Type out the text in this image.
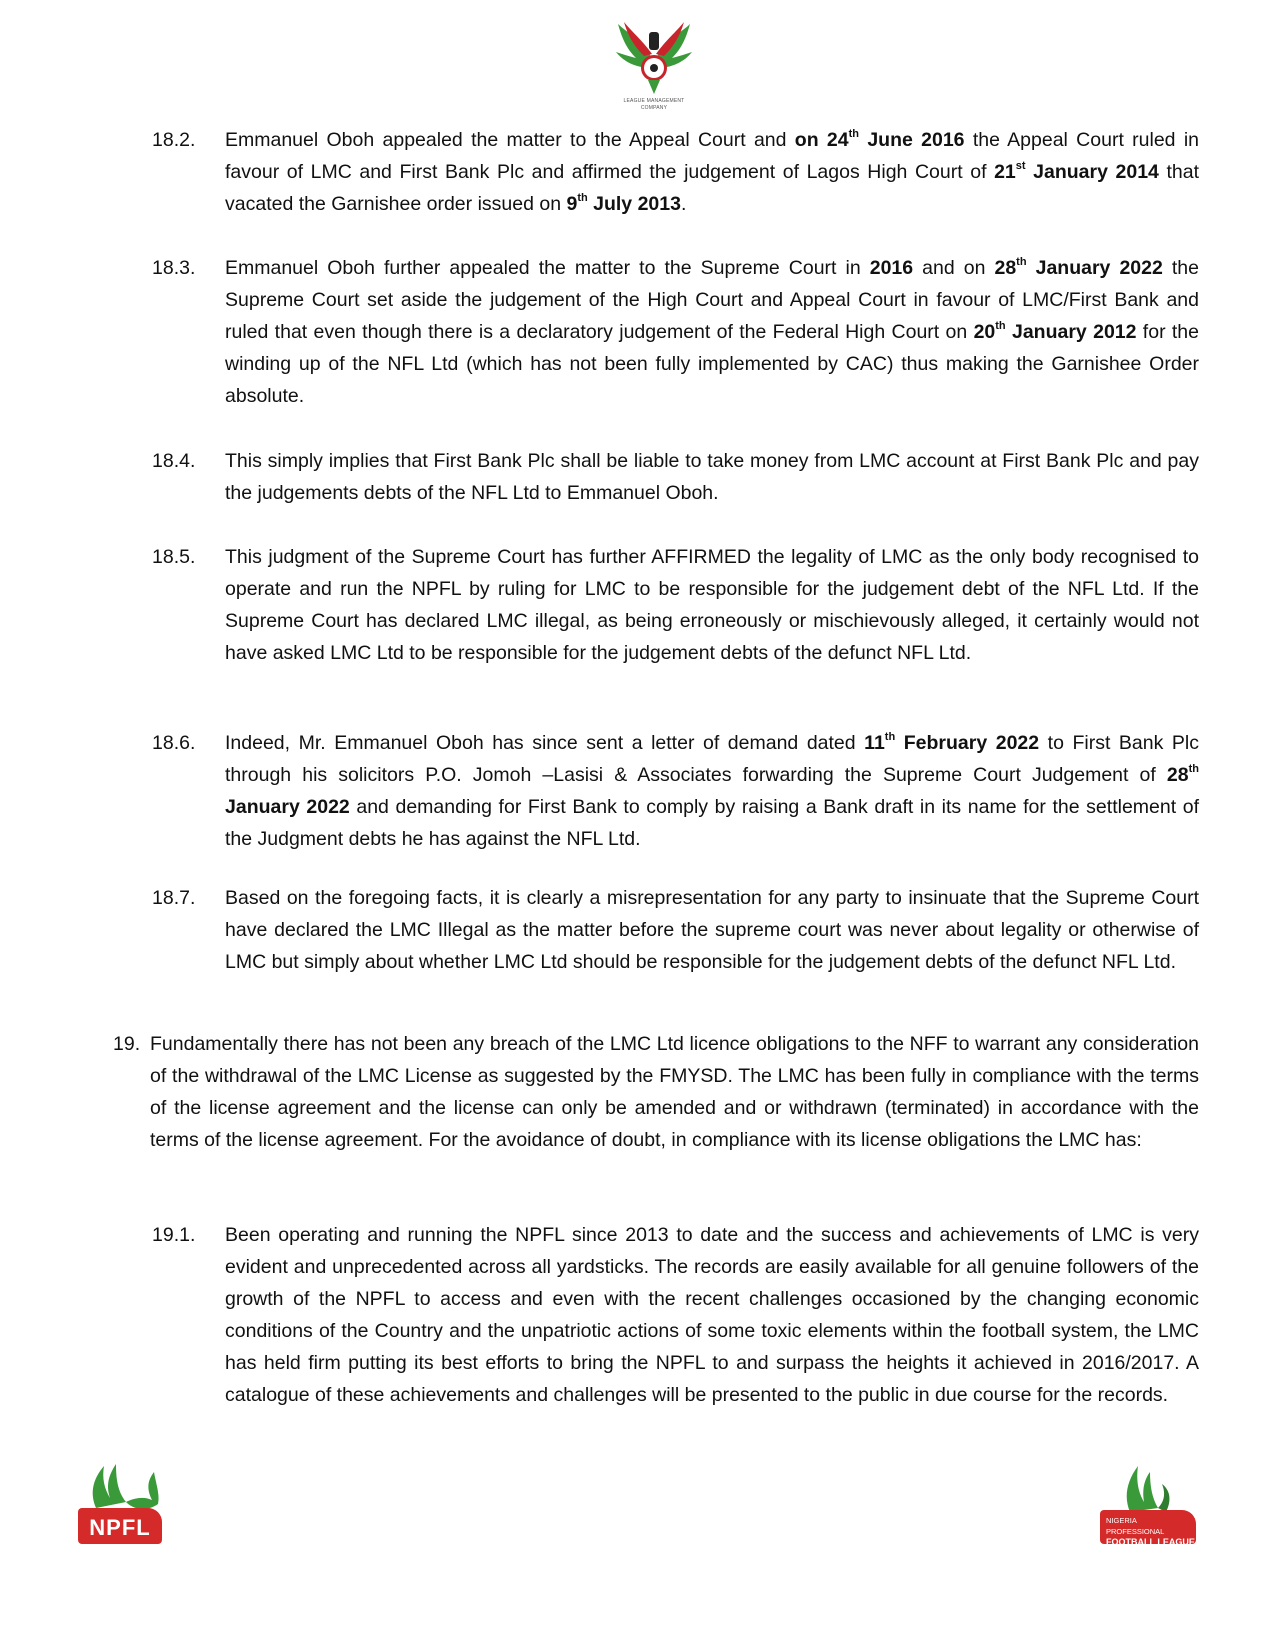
LEAGUE MANAGEMENT
COMPANY
18.2. Emmanuel Oboh appealed the matter to the Appeal Court and on 24th June 2016 the Appeal Court ruled in favour of LMC and First Bank Plc and affirmed the judgement of Lagos High Court of 21st January 2014 that vacated the Garnishee order issued on 9th July 2013.
18.3. Emmanuel Oboh further appealed the matter to the Supreme Court in 2016 and on 28th January 2022 the Supreme Court set aside the judgement of the High Court and Appeal Court in favour of LMC/First Bank and ruled that even though there is a declaratory judgement of the Federal High Court on 20th January 2012 for the winding up of the NFL Ltd (which has not been fully implemented by CAC) thus making the Garnishee Order absolute.
18.4. This simply implies that First Bank Plc shall be liable to take money from LMC account at First Bank Plc and pay the judgements debts of the NFL Ltd to Emmanuel Oboh.
18.5. This judgment of the Supreme Court has further AFFIRMED the legality of LMC as the only body recognised to operate and run the NPFL by ruling for LMC to be responsible for the judgement debt of the NFL Ltd. If the Supreme Court has declared LMC illegal, as being erroneously or mischievously alleged, it certainly would not have asked LMC Ltd to be responsible for the judgement debts of the defunct NFL Ltd.
18.6. Indeed, Mr. Emmanuel Oboh has since sent a letter of demand dated 11th February 2022 to First Bank Plc through his solicitors P.O. Jomoh –Lasisi & Associates forwarding the Supreme Court Judgement of 28th January 2022 and demanding for First Bank to comply by raising a Bank draft in its name for the settlement of the Judgment debts he has against the NFL Ltd.
18.7. Based on the foregoing facts, it is clearly a misrepresentation for any party to insinuate that the Supreme Court have declared the LMC Illegal as the matter before the supreme court was never about legality or otherwise of LMC but simply about whether LMC Ltd should be responsible for the judgement debts of the defunct NFL Ltd.
19. Fundamentally there has not been any breach of the LMC Ltd licence obligations to the NFF to warrant any consideration of the withdrawal of the LMC License as suggested by the FMYSD. The LMC has been fully in compliance with the terms of the license agreement and the license can only be amended and or withdrawn (terminated) in accordance with the terms of the license agreement. For the avoidance of doubt, in compliance with its license obligations the LMC has:
19.1. Been operating and running the NPFL since 2013 to date and the success and achievements of LMC is very evident and unprecedented across all yardsticks. The records are easily available for all genuine followers of the growth of the NPFL to access and even with the recent challenges occasioned by the changing economic conditions of the Country and the unpatriotic actions of some toxic elements within the football system, the LMC has held firm putting its best efforts to bring the NPFL to and surpass the heights it achieved in 2016/2017. A catalogue of these achievements and challenges will be presented to the public in due course for the records.
NPFL	NIGERIA PROFESSIONAL
FOOTBALL LEAGUE
